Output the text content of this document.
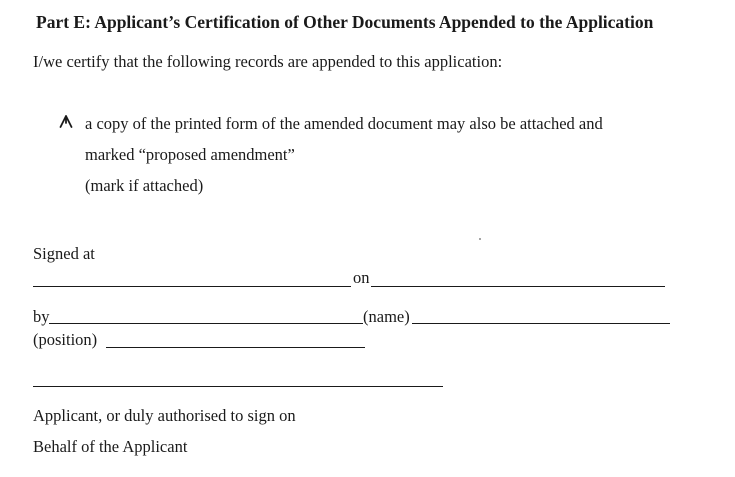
Part E: Applicant’s Certification of Other Documents Appended to the Application
I/we certify that the following records are appended to this application:
a copy of the printed form of the amended document may also be attached and
marked “proposed amendment”
(mark if attached)
Signed at
on
by	(name)
(position)
Applicant, or duly authorised to sign on
Behalf of the Applicant
